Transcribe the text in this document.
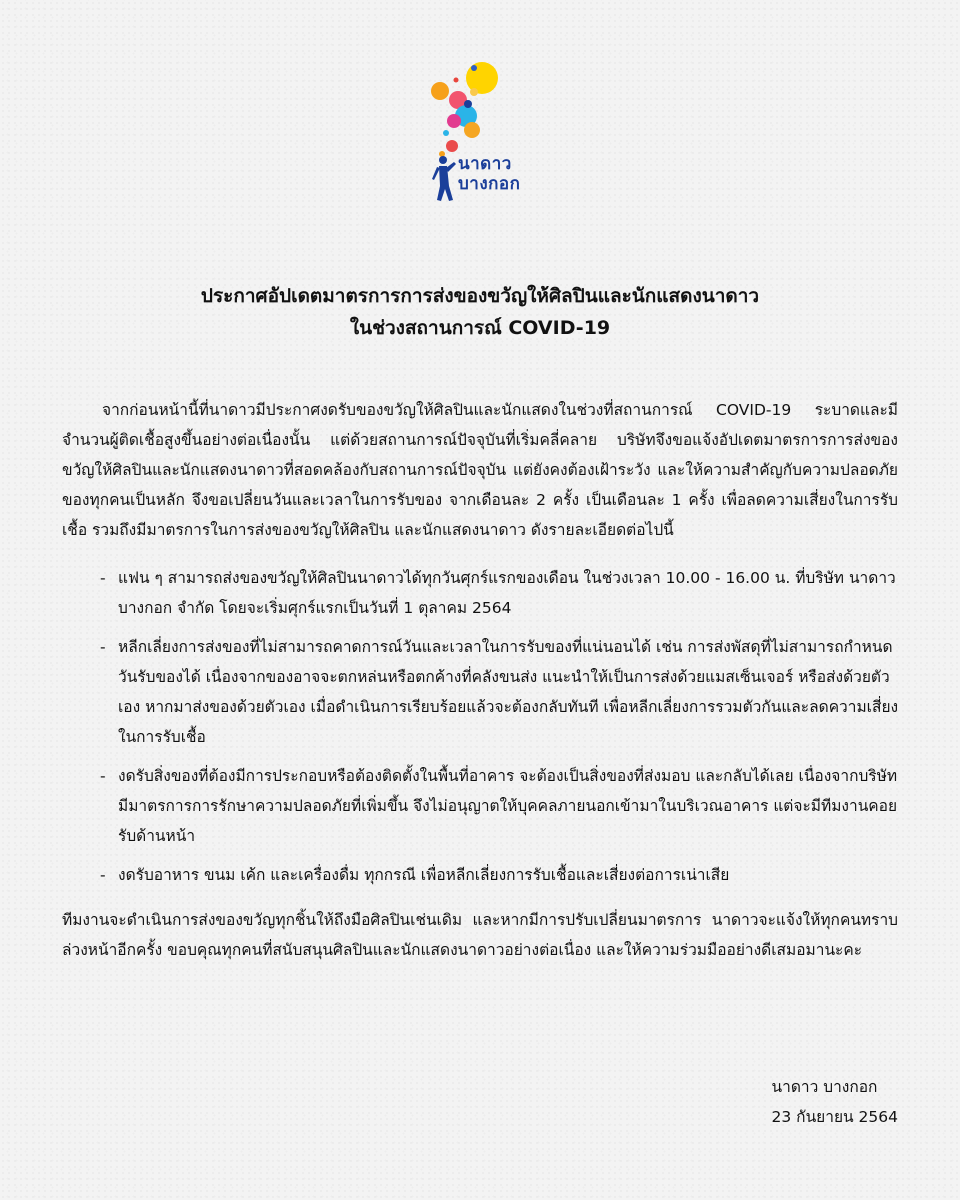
นาดาว
บางกอก
ประกาศอัปเดตมาตรการการส่งของขวัญให้ศิลปินและนักแสดงนาดาว
ในช่วงสถานการณ์ COVID-19
จากก่อนหน้านี้ที่นาดาวมีประกาศงดรับของขวัญให้ศิลปินและนักแสดงในช่วงที่สถานการณ์ COVID-19 ระบาดและมีจำนวนผู้ติดเชื้อสูงขึ้นอย่างต่อเนื่องนั้น แต่ด้วยสถานการณ์ปัจจุบันที่เริ่มคลี่คลาย บริษัทจึงขอแจ้งอัปเดตมาตรการการส่งของขวัญให้ศิลปินและนักแสดงนาดาวที่สอดคล้องกับสถานการณ์ปัจจุบัน แต่ยังคงต้องเฝ้าระวัง และให้ความสำคัญกับความปลอดภัยของทุกคนเป็นหลัก จึงขอเปลี่ยนวันและเวลาในการรับของ จากเดือนละ 2 ครั้ง เป็นเดือนละ 1 ครั้ง เพื่อลดความเสี่ยงในการรับเชื้อ รวมถึงมีมาตรการในการส่งของขวัญให้ศิลปิน และนักแสดงนาดาว ดังรายละเอียดต่อไปนี้
- แฟน ๆ สามารถส่งของขวัญให้ศิลปินนาดาวได้ทุกวันศุกร์แรกของเดือน ในช่วงเวลา 10.00 - 16.00 น. ที่บริษัท นาดาว บางกอก จำกัด โดยจะเริ่มศุกร์แรกเป็นวันที่ 1 ตุลาคม 2564
- หลีกเลี่ยงการส่งของที่ไม่สามารถคาดการณ์วันและเวลาในการรับของที่แน่นอนได้ เช่น การส่งพัสดุที่ไม่สามารถกำหนดวันรับของได้ เนื่องจากของอาจจะตกหล่นหรือตกค้างที่คลังขนส่ง แนะนำให้เป็นการส่งด้วยแมสเซ็นเจอร์ หรือส่งด้วยตัวเอง หากมาส่งของด้วยตัวเอง เมื่อดำเนินการเรียบร้อยแล้วจะต้องกลับทันที เพื่อหลีกเลี่ยงการรวมตัวกันและลดความเสี่ยงในการรับเชื้อ
- งดรับสิ่งของที่ต้องมีการประกอบหรือต้องติดตั้งในพื้นที่อาคาร จะต้องเป็นสิ่งของที่ส่งมอบ และกลับได้เลย เนื่องจากบริษัทมีมาตรการการรักษาความปลอดภัยที่เพิ่มขึ้น จึงไม่อนุญาตให้บุคคลภายนอกเข้ามาในบริเวณอาคาร แต่จะมีทีมงานคอยรับด้านหน้า
- งดรับอาหาร ขนม เค้ก และเครื่องดื่ม ทุกกรณี เพื่อหลีกเลี่ยงการรับเชื้อและเสี่ยงต่อการเน่าเสีย
ทีมงานจะดำเนินการส่งของขวัญทุกชิ้นให้ถึงมือศิลปินเช่นเดิม และหากมีการปรับเปลี่ยนมาตรการ นาดาวจะแจ้งให้ทุกคนทราบล่วงหน้าอีกครั้ง ขอบคุณทุกคนที่สนับสนุนศิลปินและนักแสดงนาดาวอย่างต่อเนื่อง และให้ความร่วมมืออย่างดีเสมอมานะคะ
นาดาว บางกอก
23 กันยายน 2564
